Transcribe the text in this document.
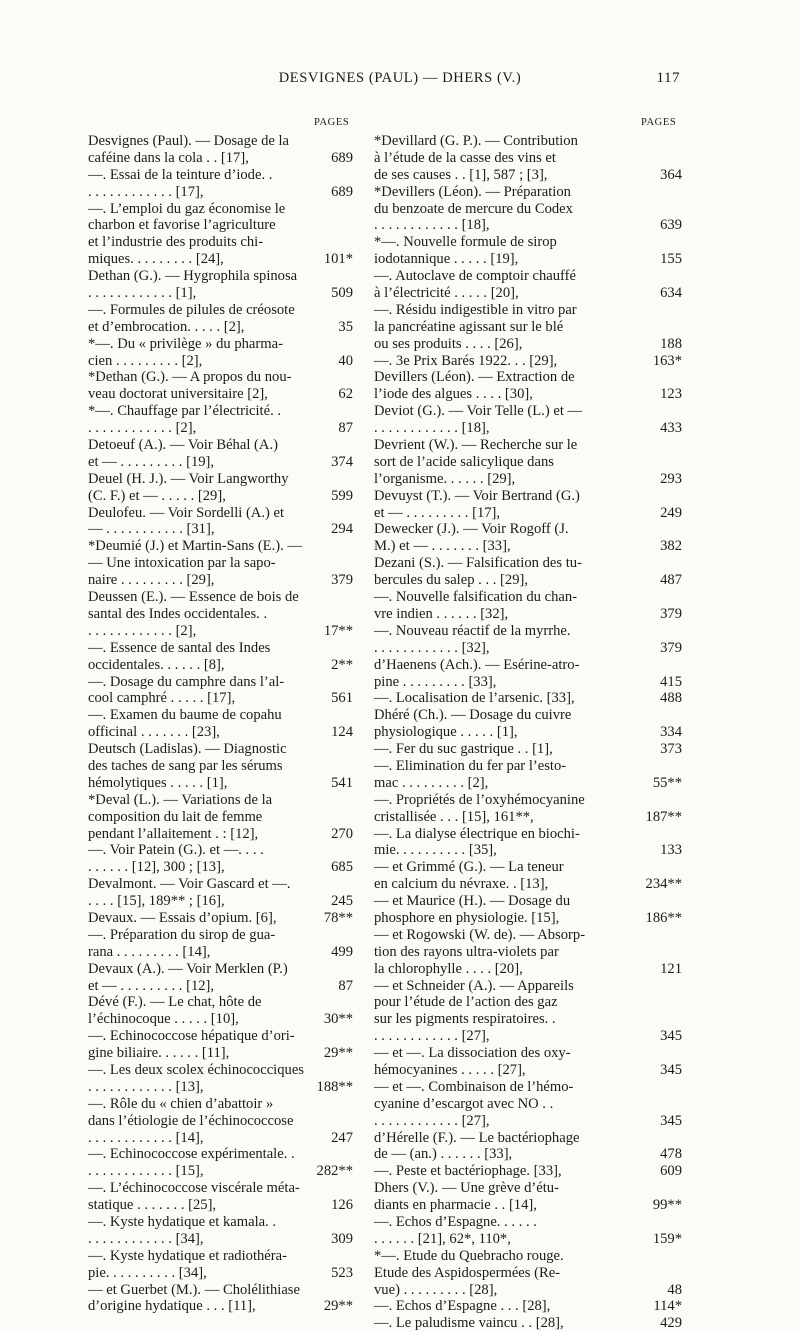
DESVIGNES (PAUL) — DHERS (V.)	117
PAGES	PAGES
Desvignes (Paul). — Dosage de la
caféine dans la cola . . [17],	689
—. Essai de la teinture d’iode. .
. . . . . . . . . . . . [17],	689
—. L’emploi du gaz économise le
charbon et favorise l’agriculture
et l’industrie des produits chi-
miques. . . . . . . . . [24],	101*
Dethan (G.). — Hygrophila spinosa
. . . . . . . . . . . . [1],	509
—. Formules de pilules de créosote
et d’embrocation. . . . . [2],	35
*—. Du « privilège » du pharma-
cien . . . . . . . . . [2],	40
*Dethan (G.). — A propos du nou-
veau doctorat universitaire [2],	62
*—. Chauffage par l’électricité. .
. . . . . . . . . . . . [2],	87
Detoeuf (A.). — Voir Béhal (A.)
et — . . . . . . . . . [19],	374
Deuel (H. J.). — Voir Langworthy
(C. F.) et — . . . . . [29],	599
Deulofeu. — Voir Sordelli (A.) et
— . . . . . . . . . . . [31],	294
*Deumié (J.) et Martin-Sans (E.). —
— Une intoxication par la sapo-
naire . . . . . . . . . [29],	379
Deussen (E.). — Essence de bois de
santal des Indes occidentales. .
. . . . . . . . . . . . [2],	17**
—. Essence de santal des Indes
occidentales. . . . . . [8],	2**
—. Dosage du camphre dans l’al-
cool camphré . . . . . [17],	561
—. Examen du baume de copahu
officinal . . . . . . . [23],	124
Deutsch (Ladislas). — Diagnostic
des taches de sang par les sérums
hémolytiques . . . . . [1],	541
*Deval (L.). — Variations de la
composition du lait de femme
pendant l’allaitement . : [12],	270
—. Voir Patein (G.). et —. . . .
. . . . . . [12], 300 ; [13],	685
Devalmont. — Voir Gascard et —.
. . . . [15], 189** ; [16],	245
Devaux. — Essais d’opium. [6],	78**
—. Préparation du sirop de gua-
rana . . . . . . . . . [14],	499
Devaux (A.). — Voir Merklen (P.)
et — . . . . . . . . . [12],	87
Dévé (F.). — Le chat, hôte de
l’échinocoque . . . . . [10],	30**
—. Echinococcose hépatique d’ori-
gine biliaire. . . . . . [11],	29**
—. Les deux scolex échinococciques
. . . . . . . . . . . . [13],	188**
—. Rôle du « chien d’abattoir »
dans l’étiologie de l’échinococcose
. . . . . . . . . . . . [14],	247
—. Echinococcose expérimentale. .
. . . . . . . . . . . . [15],	282**
—. L’échinococcose viscérale méta-
statique . . . . . . . [25],	126
—. Kyste hydatique et kamala. .
. . . . . . . . . . . . [34],	309
—. Kyste hydatique et radiothéra-
pie. . . . . . . . . . [34],	523
— et Guerbet (M.). — Cholélithiase
d’origine hydatique . . . [11],	29**
*Devillard (G. P.). — Contribution
à l’étude de la casse des vins et
de ses causes . . [1], 587 ; [3],	364
*Devillers (Léon). — Préparation
du benzoate de mercure du Codex
. . . . . . . . . . . . [18],	639
*—. Nouvelle formule de sirop
iodotannique . . . . . [19],	155
—. Autoclave de comptoir chauffé
à l’électricité . . . . . [20],	634
—. Résidu indigestible in vitro par
la pancréatine agissant sur le blé
ou ses produits . . . . [26],	188
—. 3e Prix Barés 1922. . . [29],	163*
Devillers (Léon). — Extraction de
l’iode des algues . . . . [30],	123
Deviot (G.). — Voir Telle (L.) et —
. . . . . . . . . . . . [18],	433
Devrient (W.). — Recherche sur le
sort de l’acide salicylique dans
l’organisme. . . . . . [29],	293
Devuyst (T.). — Voir Bertrand (G.)
et — . . . . . . . . . [17],	249
Dewecker (J.). — Voir Rogoff (J.
M.) et — . . . . . . . [33],	382
Dezani (S.). — Falsification des tu-
bercules du salep . . . [29],	487
—. Nouvelle falsification du chan-
vre indien . . . . . . [32],	379
—. Nouveau réactif de la myrrhe.
. . . . . . . . . . . . [32],	379
d’Haenens (Ach.). — Esérine-atro-
pine . . . . . . . . . [33],	415
—. Localisation de l’arsenic. [33],	488
Dhéré (Ch.). — Dosage du cuivre
physiologique . . . . . [1],	334
—. Fer du suc gastrique . . [1],	373
—. Elimination du fer par l’esto-
mac . . . . . . . . . [2],	55**
—. Propriétés de l’oxyhémocyanine
cristallisée . . . [15], 161**,	187**
—. La dialyse électrique en biochi-
mie. . . . . . . . . . [35],	133
— et Grimmé (G.). — La teneur
en calcium du névraxe. . [13],	234**
— et Maurice (H.). — Dosage du
phosphore en physiologie. [15],	186**
— et Rogowski (W. de). — Absorp-
tion des rayons ultra-violets par
la chlorophylle . . . . [20],	121
— et Schneider (A.). — Appareils
pour l’étude de l’action des gaz
sur les pigments respiratoires. .
. . . . . . . . . . . . [27],	345
— et —. La dissociation des oxy-
hémocyanines . . . . . [27],	345
— et —. Combinaison de l’hémo-
cyanine d’escargot avec NO . .
. . . . . . . . . . . . [27],	345
d’Hérelle (F.). — Le bactériophage
de — (an.) . . . . . . [33],	478
—. Peste et bactériophage. [33],	609
Dhers (V.). — Une grève d’étu-
diants en pharmacie . . [14],	99**
—. Echos d’Espagne. . . . . .
. . . . . . [21], 62*, 110*,	159*
*—. Etude du Quebracho rouge.
Etude des Aspidospermées (Re-
vue) . . . . . . . . . [28],	48
—. Echos d’Espagne . . . [28],	114*
—. Le paludisme vaincu . . [28],	429
